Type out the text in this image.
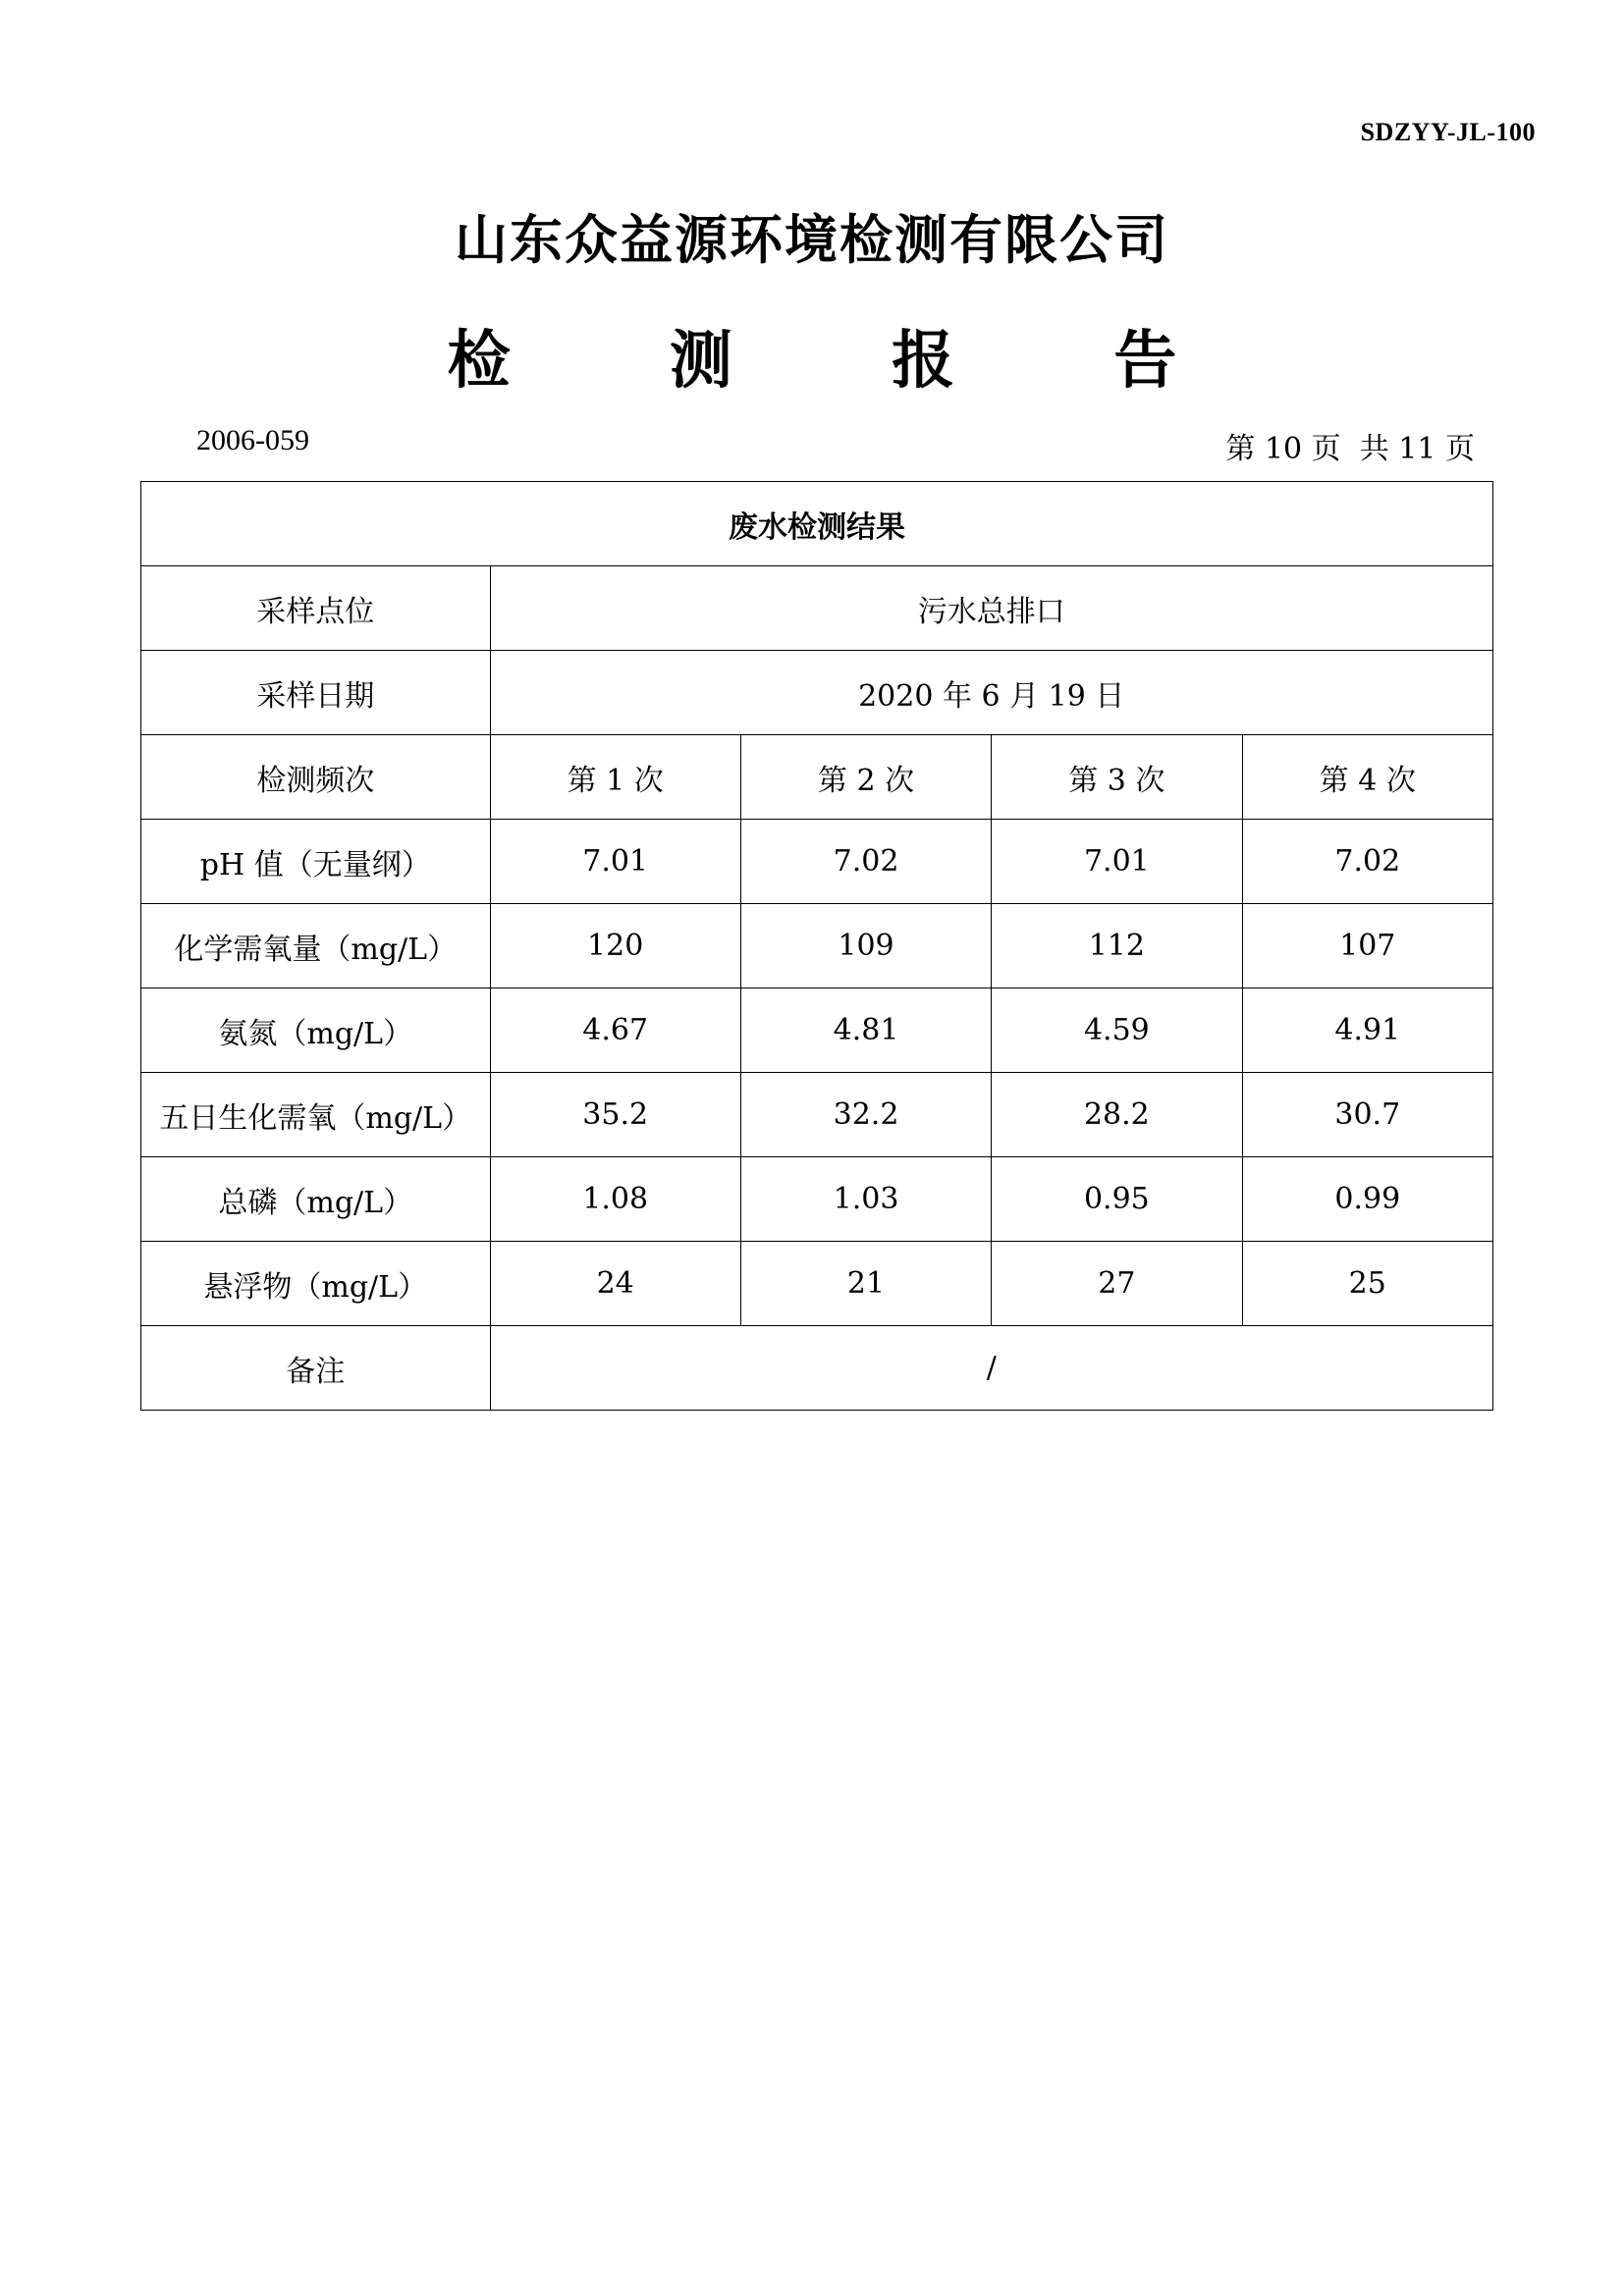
SDZYY-JL-100
山东众益源环境检测有限公司
检 测 报 告
2006-059	第 10 页 共 11 页
废水检测结果				
采样点位	污水总排口			
采样日期	2020 年 6 月 19 日			
检测频次	第 1 次	第 2 次	第 3 次	第 4 次
pH 值（无量纲）	7.01	7.02	7.01	7.02
化学需氧量（mg/L）	120	109	112	107
氨氮（mg/L）	4.67	4.81	4.59	4.91
五日生化需氧（mg/L）	35.2	32.2	28.2	30.7
总磷（mg/L）	1.08	1.03	0.95	0.99
悬浮物（mg/L）	24	21	27	25
备注	/			
